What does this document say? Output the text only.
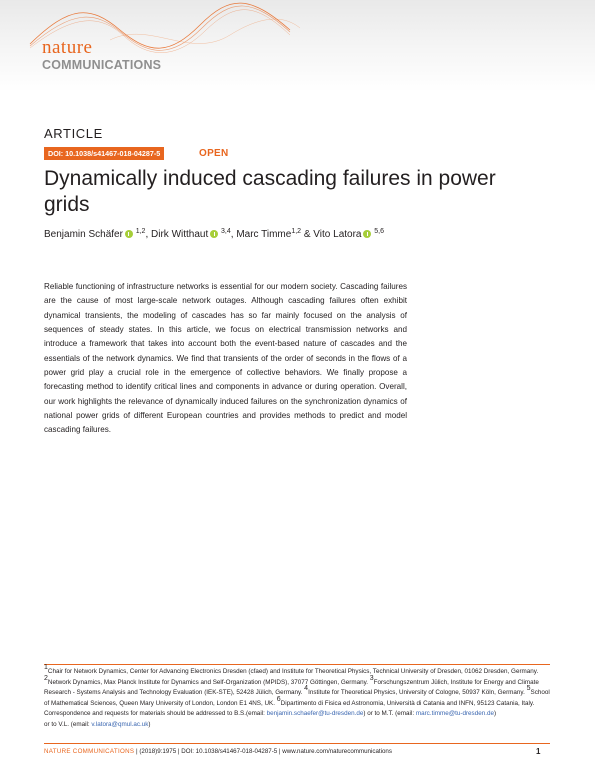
nature
COMMUNICATIONS
ARTICLE
DOI: 10.1038/s41467-018-04287-5	OPEN
Dynamically induced cascading failures in power grids
Benjamin Schäfer $^{1,2}$, Dirk Witthaut $^{3,4}$, Marc Timme$^{1,2}$ & Vito Latora $^{5,6}$

Reliable functioning of infrastructure networks is essential for our modern society. Cascading failures are the cause of most large-scale network outages. Although cascading failures often exhibit dynamical transients, the modeling of cascades has so far mainly focused on the analysis of sequences of steady states. In this article, we focus on electrical transmission networks and introduce a framework that takes into account both the event-based nature of cascades and the essentials of the network dynamics. We find that transients of the order of seconds in the flows of a power grid play a crucial role in the emergence of collective behaviors. We finally propose a forecasting method to identify critical lines and components in advance or during operation. Overall, our work highlights the relevance of dynamically induced failures on the synchronization dynamics of national power grids of different European countries and provides methods to predict and model cascading failures.

$^1$Chair for Network Dynamics, Center for Advancing Electronics Dresden (cfaed) and Institute for Theoretical Physics, Technical University of Dresden, 01062 Dresden, Germany. $^2$Network Dynamics, Max Planck Institute for Dynamics and Self-Organization (MPIDS), 37077 Göttingen, Germany. $^3$Forschungszentrum Jülich, Institute for Energy and Climate Research - Systems Analysis and Technology Evaluation (IEK-STE), 52428 Jülich, Germany. $^4$Institute for Theoretical Physics, University of Cologne, 50937 Köln, Germany. $^5$School of Mathematical Sciences, Queen Mary University of London, London E1 4NS, UK. $^6$Dipartimento di Fisica ed Astronomia, Università di Catania and INFN, 95123 Catania, Italy. Correspondence and requests for materials should be addressed to B.S.(email: benjamin.schaefer@tu-dresden.de) or to M.T. (email: marc.timme@tu-dresden.de)
or to V.L. (email: v.latora@qmul.ac.uk)

NATURE COMMUNICATIONS | (2018)9:1975 | DOI: 10.1038/s41467-018-04287-5 | www.nature.com/naturecommunications	1
